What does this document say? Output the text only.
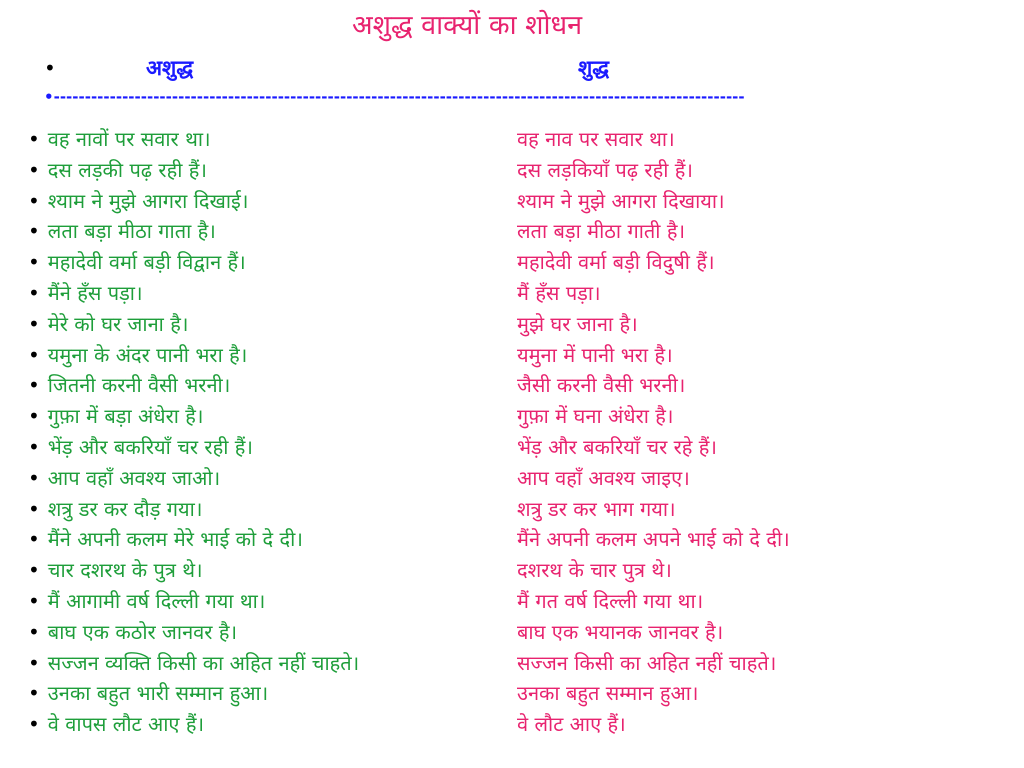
अशुद्ध वाक्यों का शोधन
•	अशुद्ध	शुद्ध
•---------------------------------------------------------------------------------------------------------------
• वह नावों पर सवार था।
• दस लड़की पढ़ रही हैं।
• श्याम ने मुझे आगरा दिखाई।
• लता बड़ा मीठा गाता है।
• महादेवी वर्मा बड़ी विद्वान हैं।
• मैंने हँस पड़ा।
• मेरे को घर जाना है।
• यमुना के अंदर पानी भरा है।
• जितनी करनी वैसी भरनी।
• गुफ़ा में बड़ा अंधेरा है।
• भेंड़ और बकरियाँ चर रही हैं।
• आप वहाँ अवश्य जाओ।
• शत्रु डर कर दौड़ गया।
• मैंने अपनी कलम मेरे भाई को दे दी।
• चार दशरथ के पुत्र थे।
• मैं आगामी वर्ष दिल्ली गया था।
• बाघ एक कठोर जानवर है।
• सज्जन व्यक्ति किसी का अहित नहीं चाहते।
• उनका बहुत भारी सम्मान हुआ।
• वे वापस लौट आए हैं।
वह नाव पर सवार था।
दस लड़कियाँ पढ़ रही हैं।
श्याम ने मुझे आगरा दिखाया।
लता बड़ा मीठा गाती है।
महादेवी वर्मा बड़ी विदुषी हैं।
मैं हँस पड़ा।
मुझे घर जाना है।
यमुना में पानी भरा है।
जैसी करनी वैसी भरनी।
गुफ़ा में घना अंधेरा है।
भेंड़ और बकरियाँ चर रहे हैं।
आप वहाँ अवश्य जाइए।
शत्रु डर कर भाग गया।
मैंने अपनी कलम अपने भाई को दे दी।
दशरथ के चार पुत्र थे।
मैं गत वर्ष दिल्ली गया था।
बाघ एक भयानक जानवर है।
सज्जन किसी का अहित नहीं चाहते।
उनका बहुत सम्मान हुआ।
वे लौट आए हैं।
